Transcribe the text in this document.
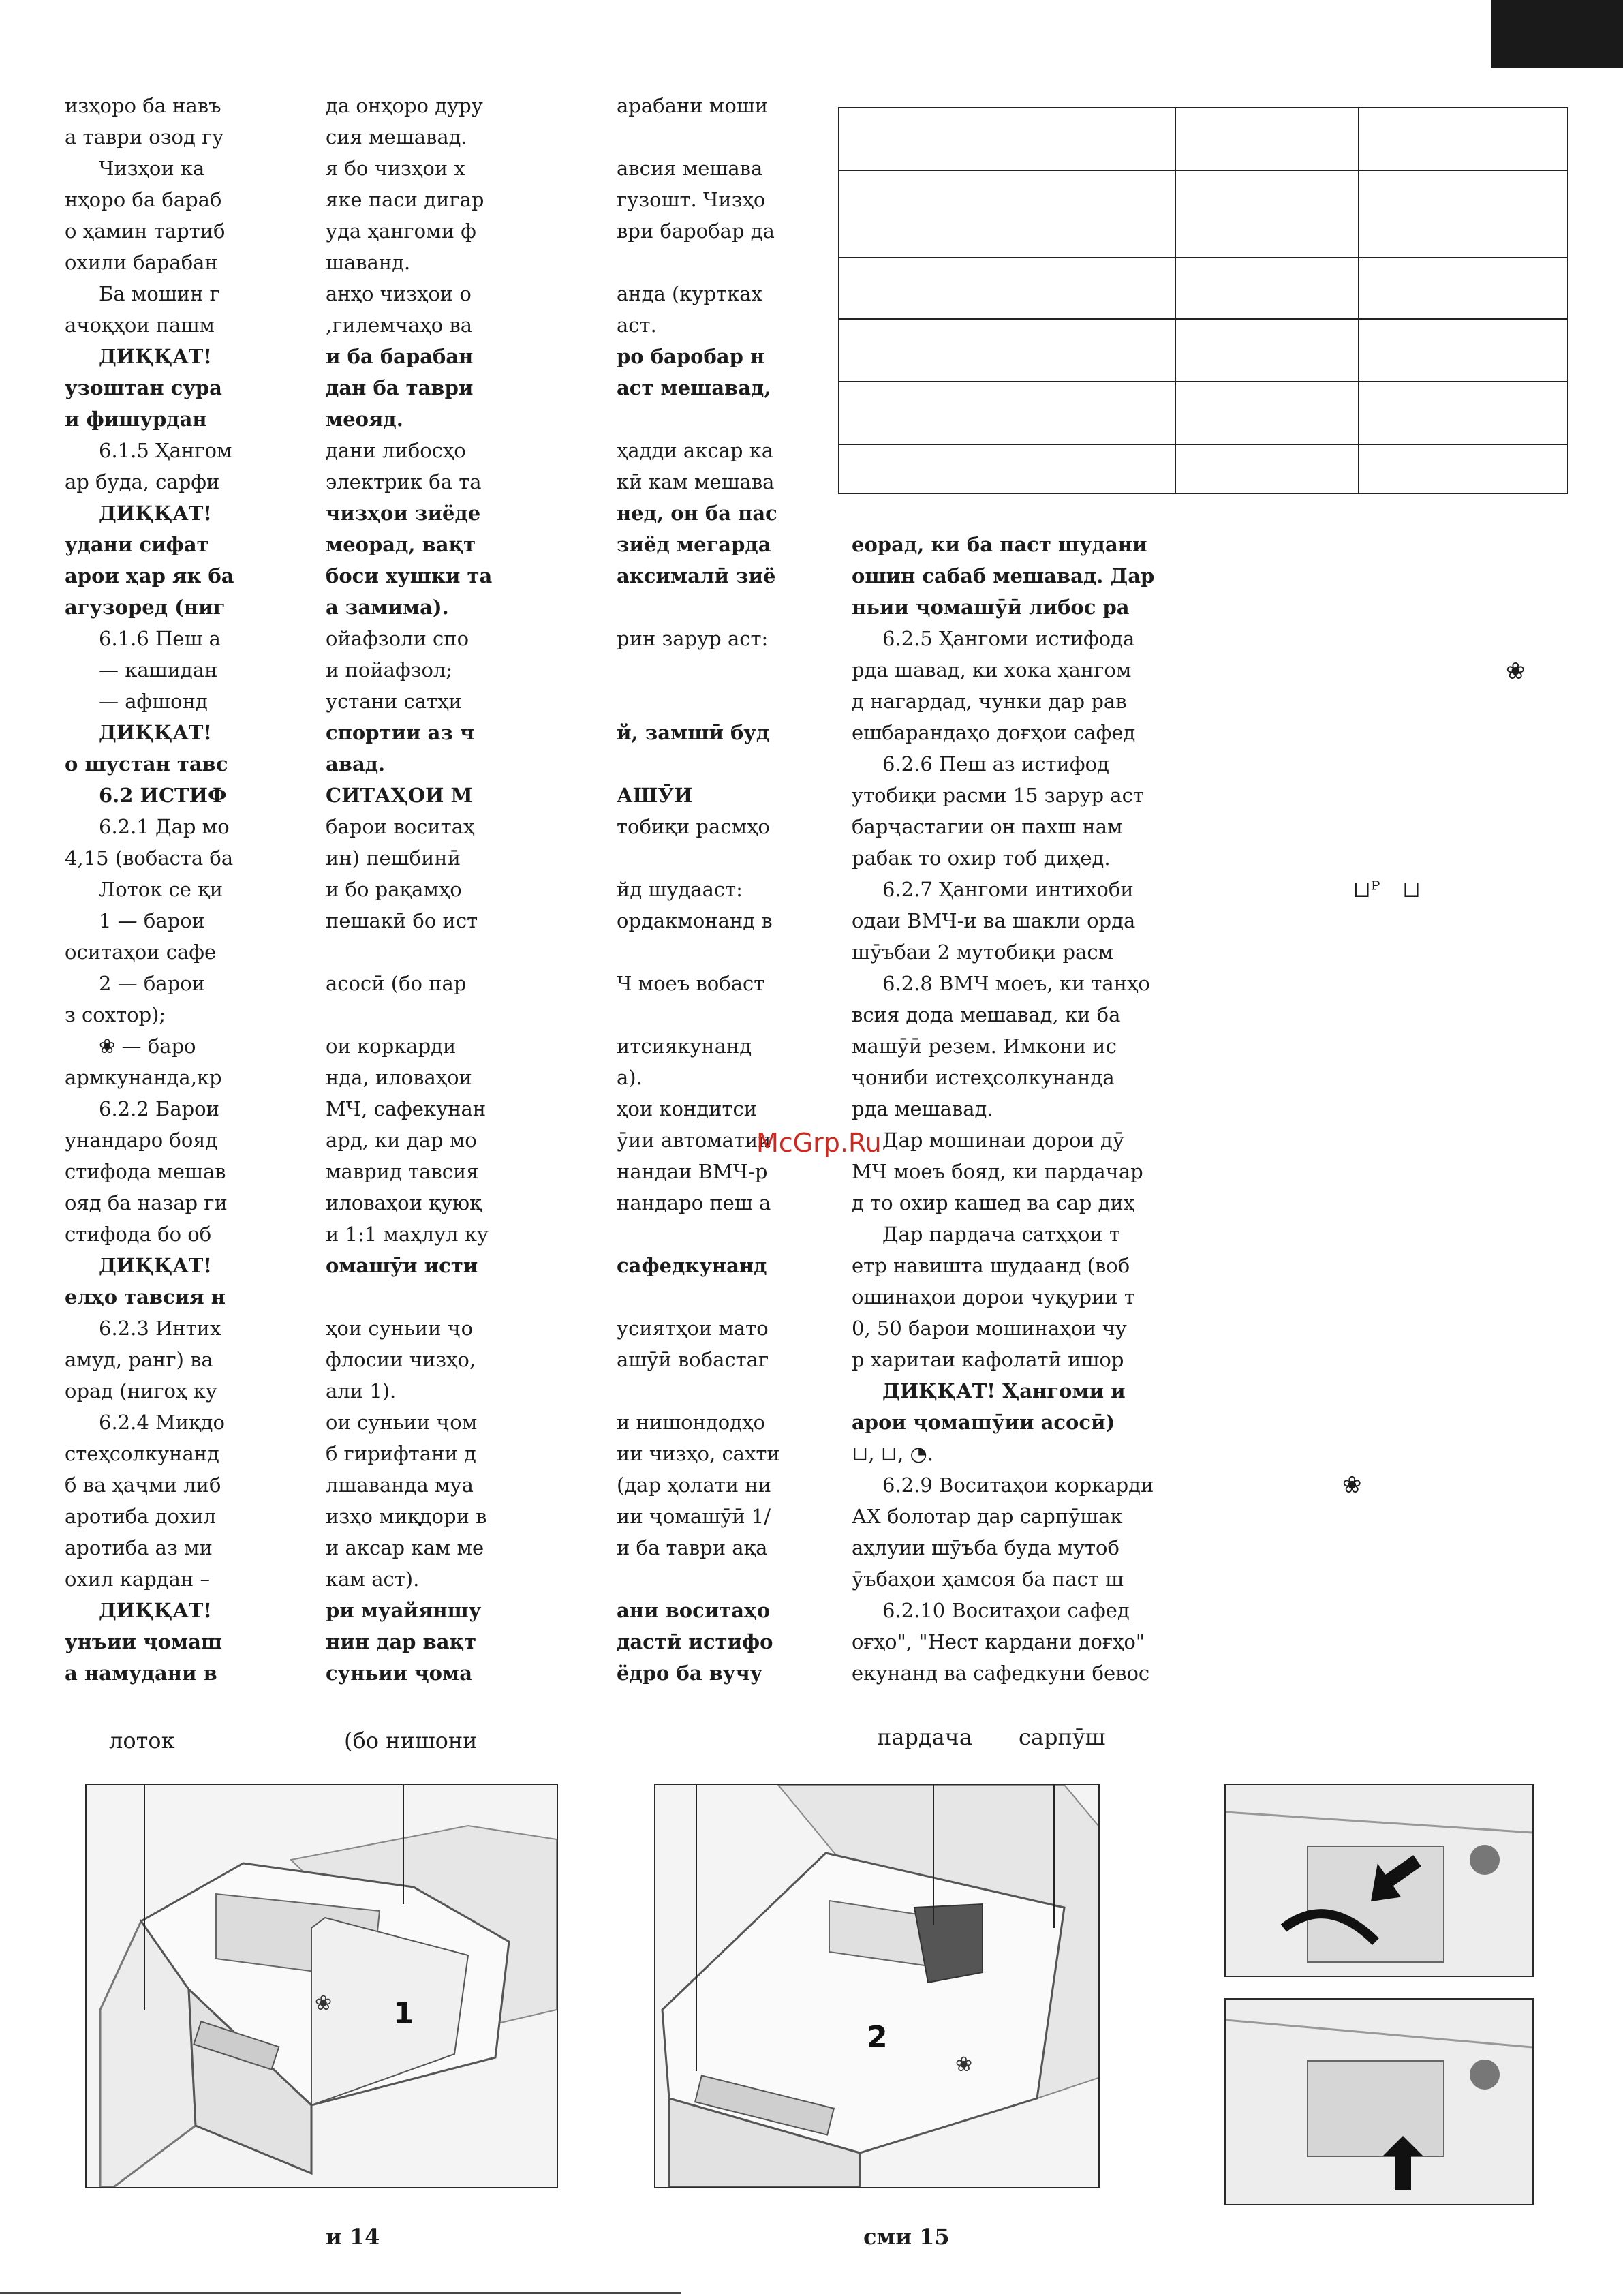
изҳоро ба навъ
а таври озод гу
Чизҳои ка
нҳоро ба бараб
о ҳамин тартиб
охили барабан
Ба мошин г
ачоқҳои пашм
ДИҚҚАТ!
узоштан сура
и фишурдан
6.1.5 Ҳангом
ар буда, сарфи
ДИҚҚАТ!
удани сифат
арои ҳар як ба
агузоред (ниг
6.1.6 Пеш а
— кашидан
— афшонд
ДИҚҚАТ!
о шустан тавс
6.2 ИСТИФ
6.2.1 Дар мо
4,15 (вобаста ба
Лоток се қи
1 — барои
оситаҳои сафе
2 — барои
з сохтор);
❀ — баро
армкунанда,кр
6.2.2 Барои
унандаро бояд
стифода мешав
ояд ба назар ги
стифода бо об
ДИҚҚАТ!
елҳо тавсия н
6.2.3 Интих
амуд, ранг) ва
орад (нигоҳ ку
6.2.4 Миқдо
стеҳсолкунанд
б ва ҳаҷми либ
аротиба дохил
аротиба аз ми
охил кардан –
ДИҚҚАТ!
унъии ҷомаш
а намудани в
да онҳоро дуру
сия мешавад.
я бо чизҳои х
яке паси дигар
уда ҳангоми ф
шаванд.
анҳо чизҳои о
,гилемчаҳо ва
и ба барабан
дан ба таври
меояд.
дани либосҳо
электрик ба та
чизҳои зиёде
меорад, вақт
боси хушки та
а замима).
ойафзоли спо
и пойафзол;
устани сатҳи
спортии аз ч
авад.
СИТАҲОИ М
барои воситаҳ
ин) пешбинӣ
и бо рақамҳо
пешакӣ бо ист
асосӣ (бо пар
ои коркарди
нда, иловаҳои
МЧ, сафекунан
ард, ки дар мо
маврид тавсия
иловаҳои қуюқ
и 1:1 маҳлул ку
омашӯи исти
ҳои суньии ҷо
флосии чизҳо,
али 1).
ои суньии ҷом
б гирифтани д
лшаванда муа
изҳо миқдори в
и аксар кам ме
кам аст).
ри муайяншу
нин дар вақт
суньии ҷома
арабани моши
авсия мешава
гузошт. Чизҳо
ври баробар да
анда (куртках
аст.
ро баробар н
аст мешавад,
ҳадди аксар ка
кӣ кам мешава
нед, он ба пас
зиёд мегарда
аксималӣ зиё
рин зарур аст:
й, замшӣ буд
АШӮИ
тобиқи расмҳо
йд шудааст:
ордакмонанд в
Ч моеъ вобаст
итсиякунанд
а).
ҳои кондитси
ӯии автоматии
нандаи ВМЧ-р
нандаро пеш а
сафедкунанд
усиятҳои мато
ашӯӣ вобастаг
и нишондодҳо
ии чизҳо, сахти
(дар ҳолати ни
ии ҷомашӯӣ 1/
и ба таври ақа
ани воситаҳо
дастӣ истифо
ёдро ба вучу
еорад, ки ба паст шудани
ошин сабаб мешавад. Дар
ньии ҷомашӯӣ либос ра
6.2.5 Ҳангоми истифода
рда шавад, ки хока ҳангом
д нагардад, чунки дар рав
ешбарандаҳо доғҳои сафед
6.2.6 Пеш аз истифод
утобиқи расми 15 зарур аст
барҷастагии он пахш нам
рабак то охир тоб диҳед.
6.2.7 Ҳангоми интихоби
одаи ВМЧ-и ва шакли орда
шӯъбаи 2 мутобиқи расм
6.2.8 ВМЧ моеъ, ки танҳо
всия дода мешавад, ки ба
машӯӣ резем. Имкони ис
ҷониби истеҳсолкунанда
рда мешавад.
Дар мошинаи дорои дӯ
МЧ моеъ бояд, ки пардачар
д то охир кашед ва сар диҳ
Дар пардача сатҳҳои т
етр навишта шудаанд (воб
ошинаҳои дорои чуқурии т
0, 50 барои мошинаҳои чу
р харитаи кафолатӣ ишор
ДИҚҚАТ! Ҳангоми и
арои ҷомашӯии асосӣ)
⊔, ⊔, ◔.
6.2.9 Воситаҳои коркарди
АХ болотар дар сарпӯшак
аҳлуии шӯъба буда мутоб
ӯъбаҳои ҳамсоя ба паст ш
6.2.10 Воситаҳои сафед
оғҳо", "Нест кардани доғҳо"
екунанд ва сафедкуни бевос
McGrp.Ru

❀
⊔ᴾ ⊔
❀
лоток	(бо нишони	пардача сарпӯш
❀ 1
❀
2
и 14	сми 15
